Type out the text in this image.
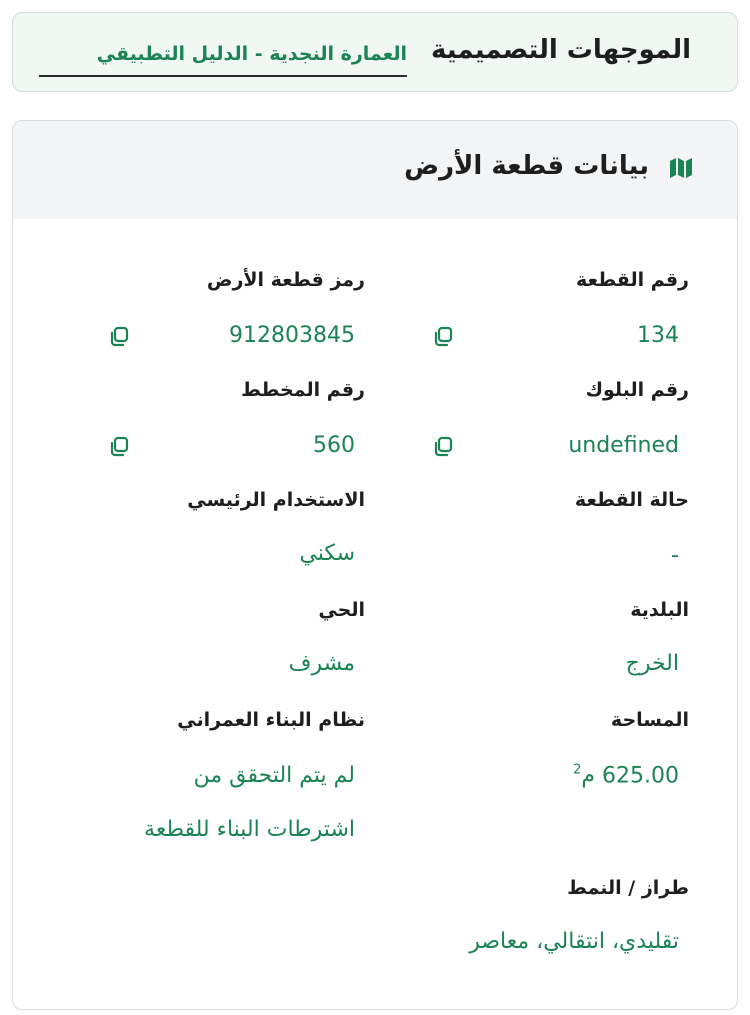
الموجهات التصميمية
العمارة النجدية - الدليل التطبيقي
بيانات قطعة الأرض
رقم القطعة
134
رمز قطعة الأرض
912803845
رقم البلوك
undefined
رقم المخطط
560
حالة القطعة
-
الاستخدام الرئيسي
سكني
البلدية
الخرج
الحي
مشرف
المساحة
625.00 م$^2$
نظام البناء العمراني
لم يتم التحقق من
اشترطات البناء للقطعة
طراز / النمط
تقليدي، انتقالي، معاصر
